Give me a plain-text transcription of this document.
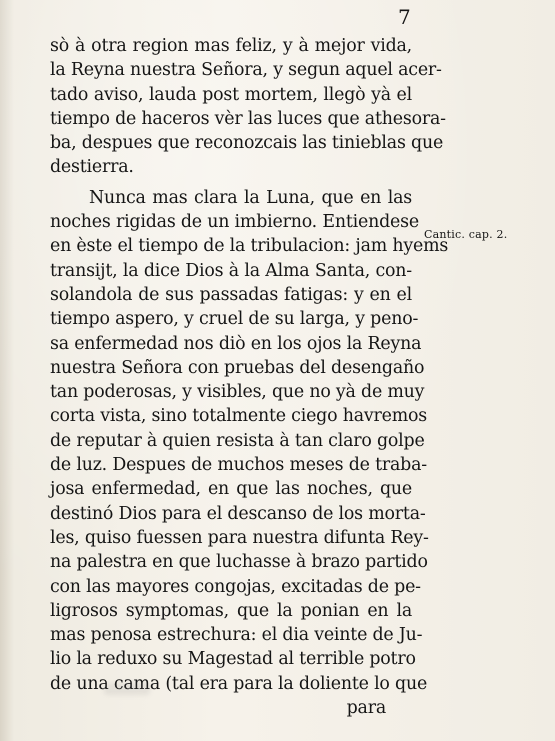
7
sò à otra region mas feliz, y à mejor vida,
la Reyna nuestra Señora, y segun aquel acer-
tado aviso, lauda post mortem, llegò yà el
tiempo de haceros vèr las luces que athesora-
ba, despues que reconozcais las tinieblas que
destierra.
Nunca mas clara la Luna, que en las
noches rigidas de un imbierno. Entiendese
en èste el tiempo de la tribulacion: jam hyems
transijt, la dice Dios à la Alma Santa, con-
solandola de sus passadas fatigas: y en el
tiempo aspero, y cruel de su larga, y peno-
sa enfermedad nos diò en los ojos la Reyna
nuestra Señora con pruebas del desengaño
tan poderosas, y visibles, que no yà de muy
corta vista, sino totalmente ciego havremos
de reputar à quien resista à tan claro golpe
de luz. Despues de muchos meses de traba-
josa enfermedad, en que las noches, que
destinó Dios para el descanso de los morta-
les, quiso fuessen para nuestra difunta Rey-
na palestra en que luchasse à brazo partido
con las mayores congojas, excitadas de pe-
ligrosos symptomas, que la ponian en la
mas penosa estrechura: el dia veinte de Ju-
lio la reduxo su Magestad al terrible potro
de una cama (tal era para la doliente lo que
para
Cantic. cap. 2.
